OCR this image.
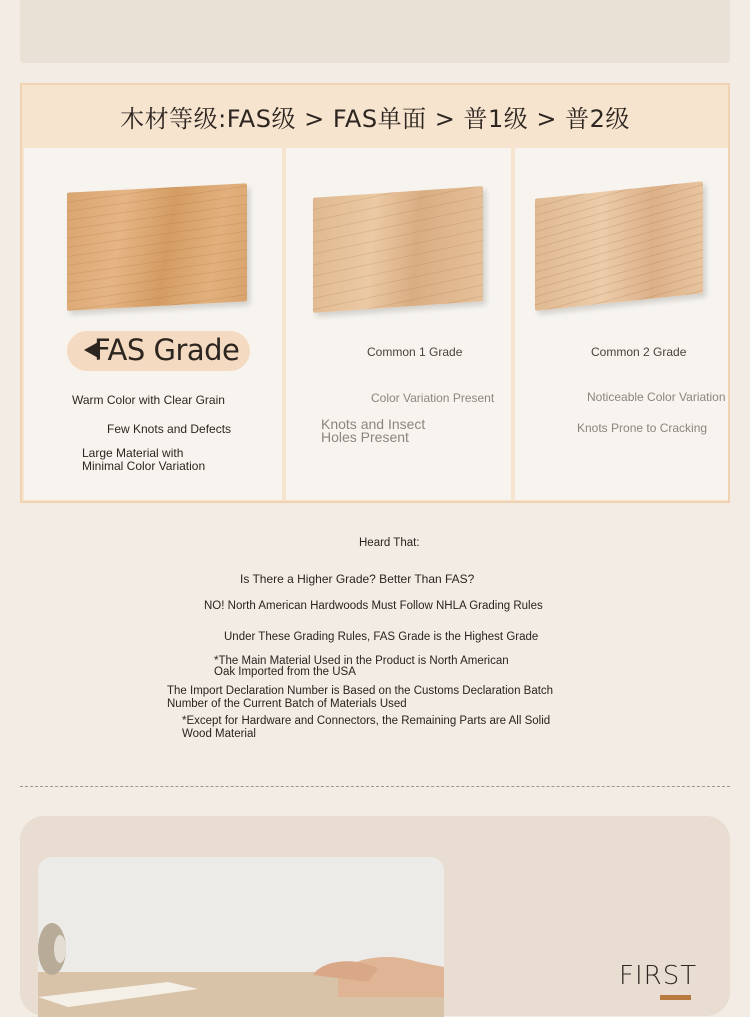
木材等级:FAS级 > FAS单面 > 普1级 > 普2级
FAS Grade
Warm Color with Clear Grain
Few Knots and Defects
Large Material with
Minimal Color Variation
Common 1 Grade
Color Variation Present
Knots and Insect
Holes Present
Common 2 Grade
Noticeable Color Variation
Knots Prone to Cracking
Heard That:
Is There a Higher Grade? Better Than FAS?
NO! North American Hardwoods Must Follow NHLA Grading Rules
Under These Grading Rules, FAS Grade is the Highest Grade
*The Main Material Used in the Product is North American
Oak Imported from the USA
The Import Declaration Number is Based on the Customs Declaration Batch
Number of the Current Batch of Materials Used
*Except for Hardware and Connectors, the Remaining Parts are All Solid
Wood Material
FIRST
